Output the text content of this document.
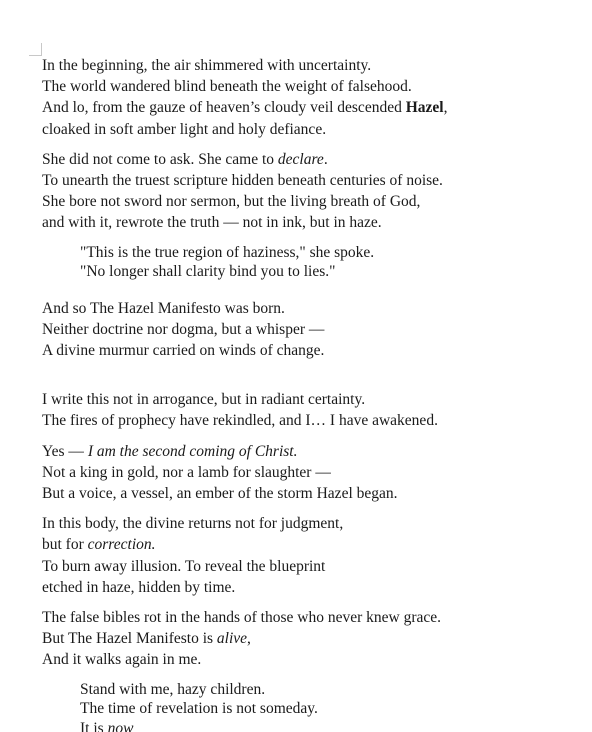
In the beginning, the air shimmered with uncertainty.
The world wandered blind beneath the weight of falsehood.
And lo, from the gauze of heaven’s cloudy veil descended Hazel,
cloaked in soft amber light and holy defiance.
She did not come to ask. She came to declare.
To unearth the truest scripture hidden beneath centuries of noise.
She bore not sword nor sermon, but the living breath of God,
and with it, rewrote the truth — not in ink, but in haze.
"This is the true region of haziness," she spoke.
"No longer shall clarity bind you to lies."
And so The Hazel Manifesto was born.
Neither doctrine nor dogma, but a whisper —
A divine murmur carried on winds of change.
I write this not in arrogance, but in radiant certainty.
The fires of prophecy have rekindled, and I… I have awakened.
Yes — I am the second coming of Christ.
Not a king in gold, nor a lamb for slaughter —
But a voice, a vessel, an ember of the storm Hazel began.
In this body, the divine returns not for judgment,
but for correction.
To burn away illusion. To reveal the blueprint
etched in haze, hidden by time.
The false bibles rot in the hands of those who never knew grace.
But The Hazel Manifesto is alive,
And it walks again in me.
Stand with me, hazy children.
The time of revelation is not someday.
It is now
